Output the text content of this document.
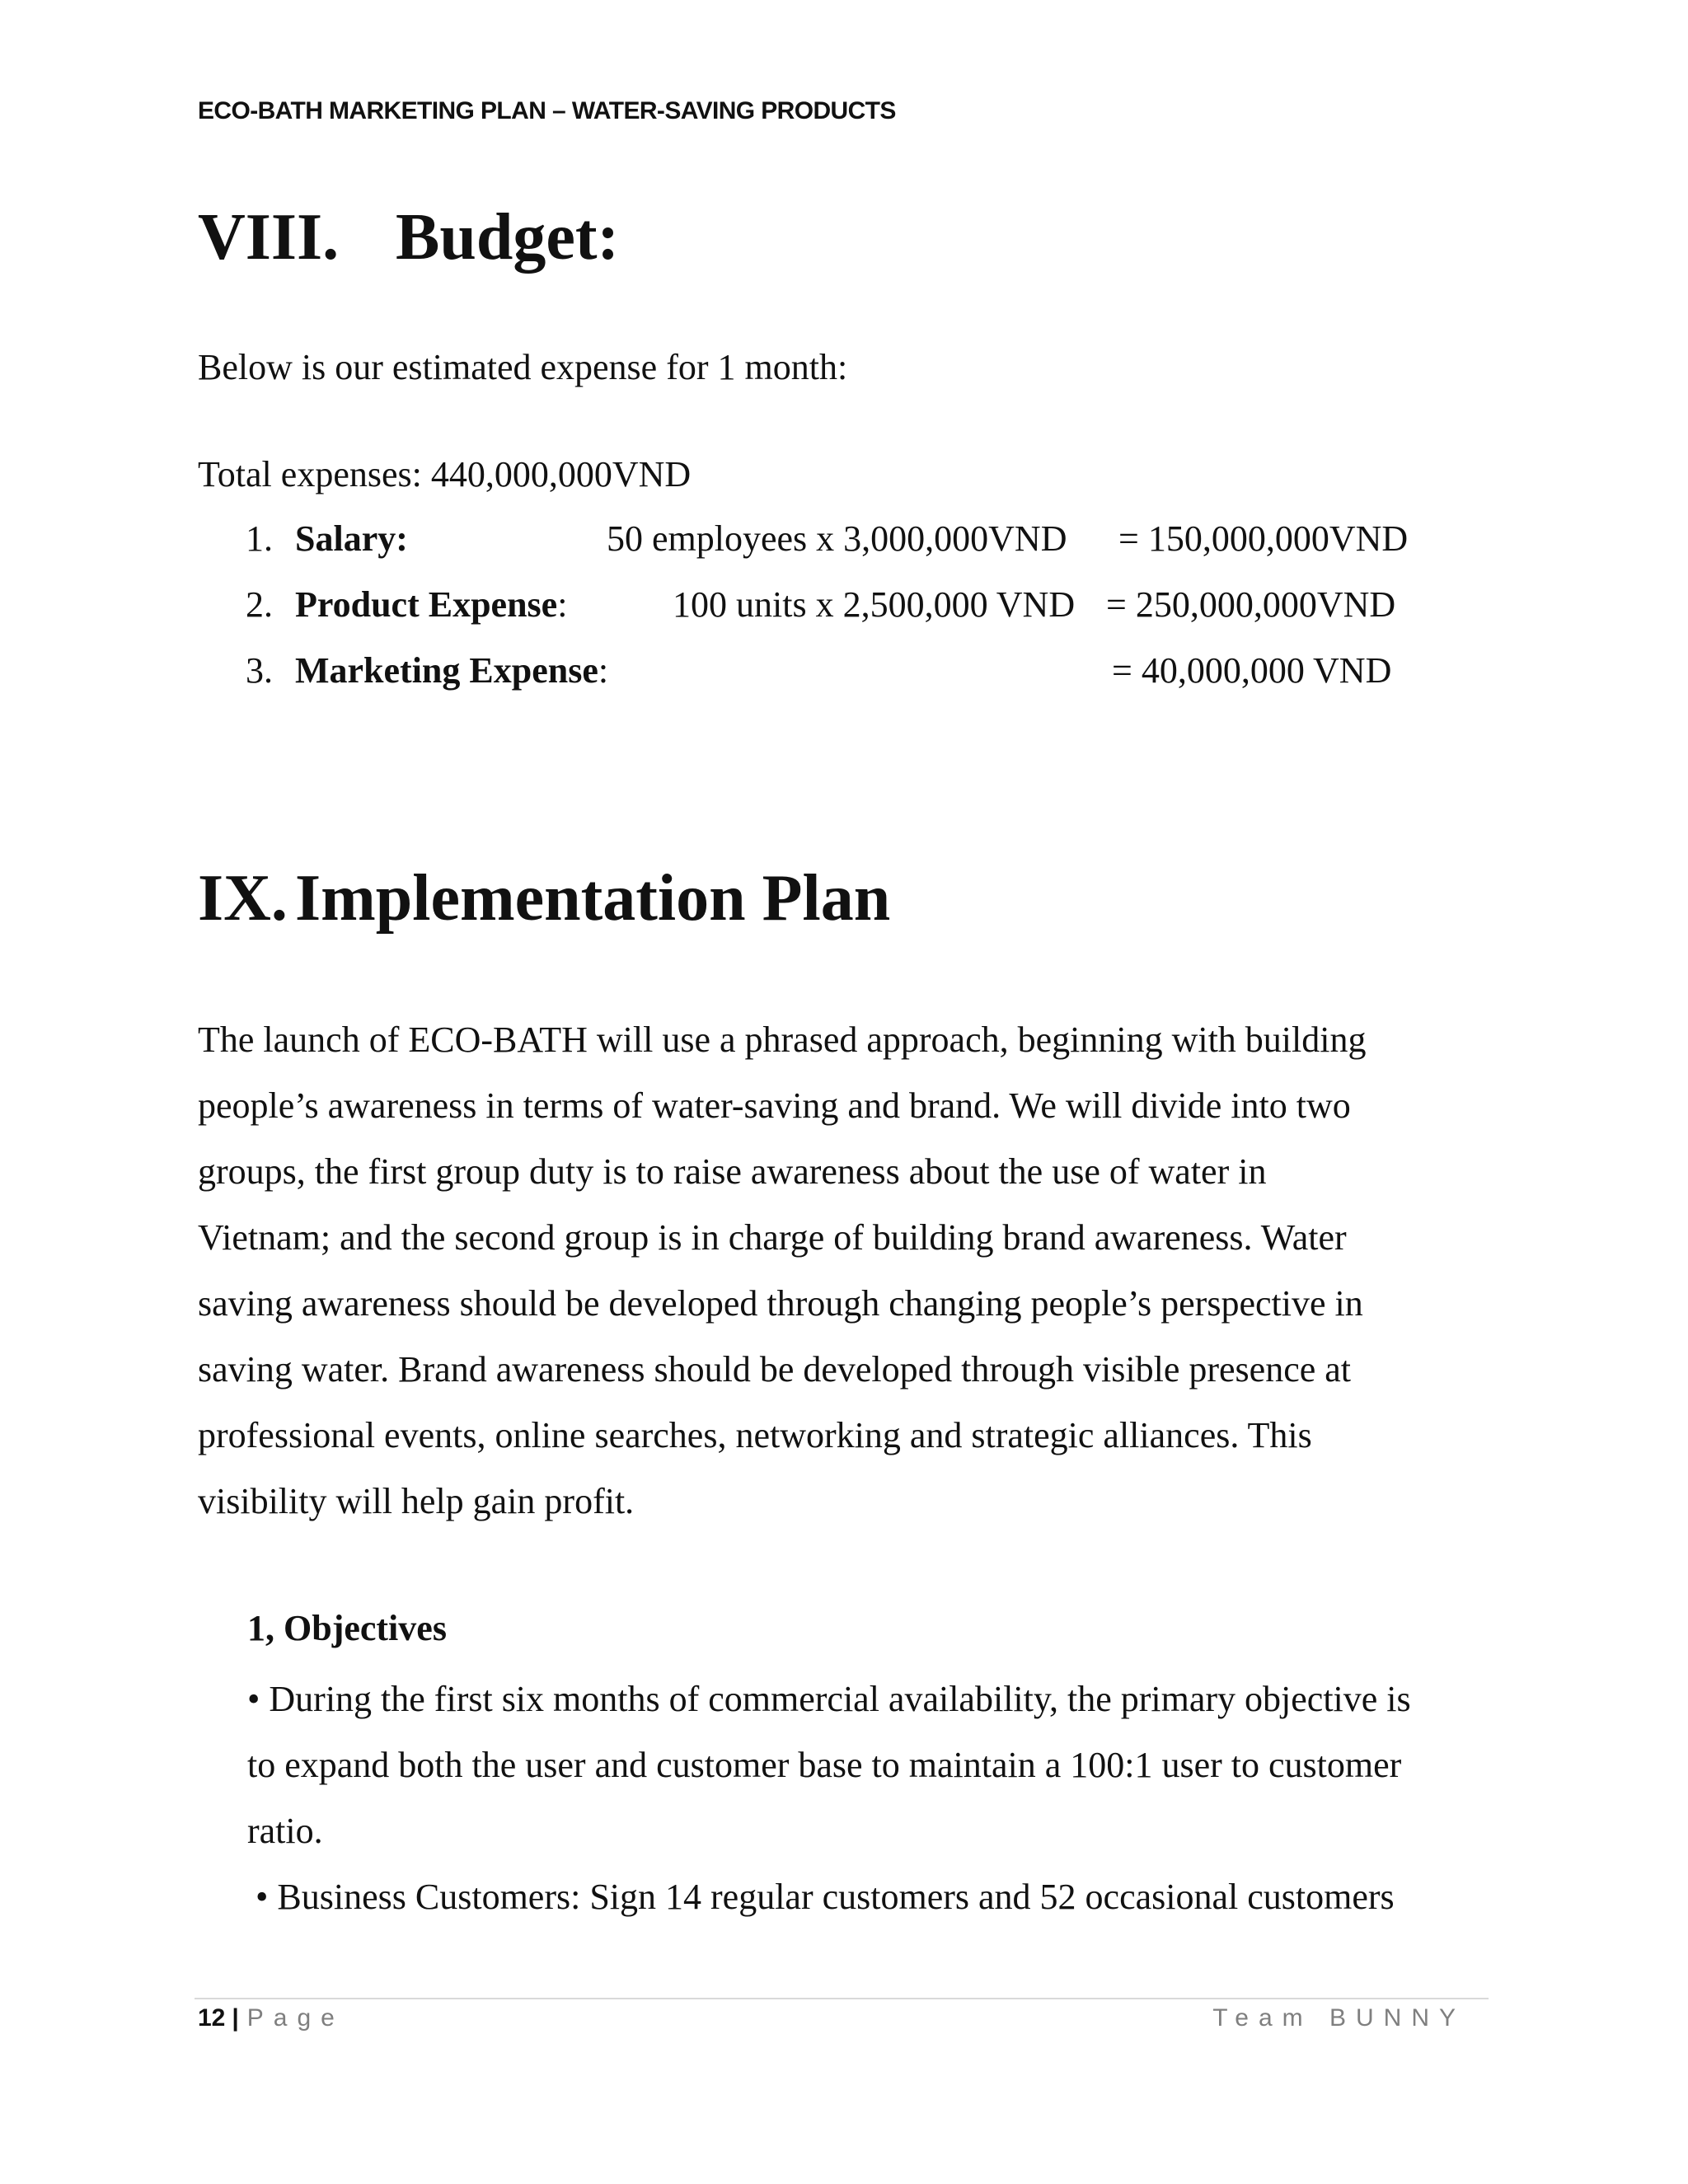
ECO-BATH MARKETING PLAN – WATER-SAVING PRODUCTS
VIII. Budget:
Below is our estimated expense for 1 month:
Total expenses: 440,000,000VND
1. Salary:	50 employees x 3,000,000VND = 150,000,000VND
2. Product Expense:	100 units x 2,500,000 VND = 250,000,000VND
3. Marketing Expense:	= 40,000,000 VND
IX. Implementation Plan
The launch of ECO-BATH will use a phrased approach, beginning with building
people’s awareness in terms of water-saving and brand. We will divide into two
groups, the first group duty is to raise awareness about the use of water in
Vietnam; and the second group is in charge of building brand awareness. Water
saving awareness should be developed through changing people’s perspective in
saving water. Brand awareness should be developed through visible presence at
professional events, online searches, networking and strategic alliances. This
visibility will help gain profit.
1, Objectives
• During the first six months of commercial availability, the primary objective is
to expand both the user and customer base to maintain a 100:1 user to customer
ratio.
• Business Customers: Sign 14 regular customers and 52 occasional customers
12 | Page	Team BUNNY
